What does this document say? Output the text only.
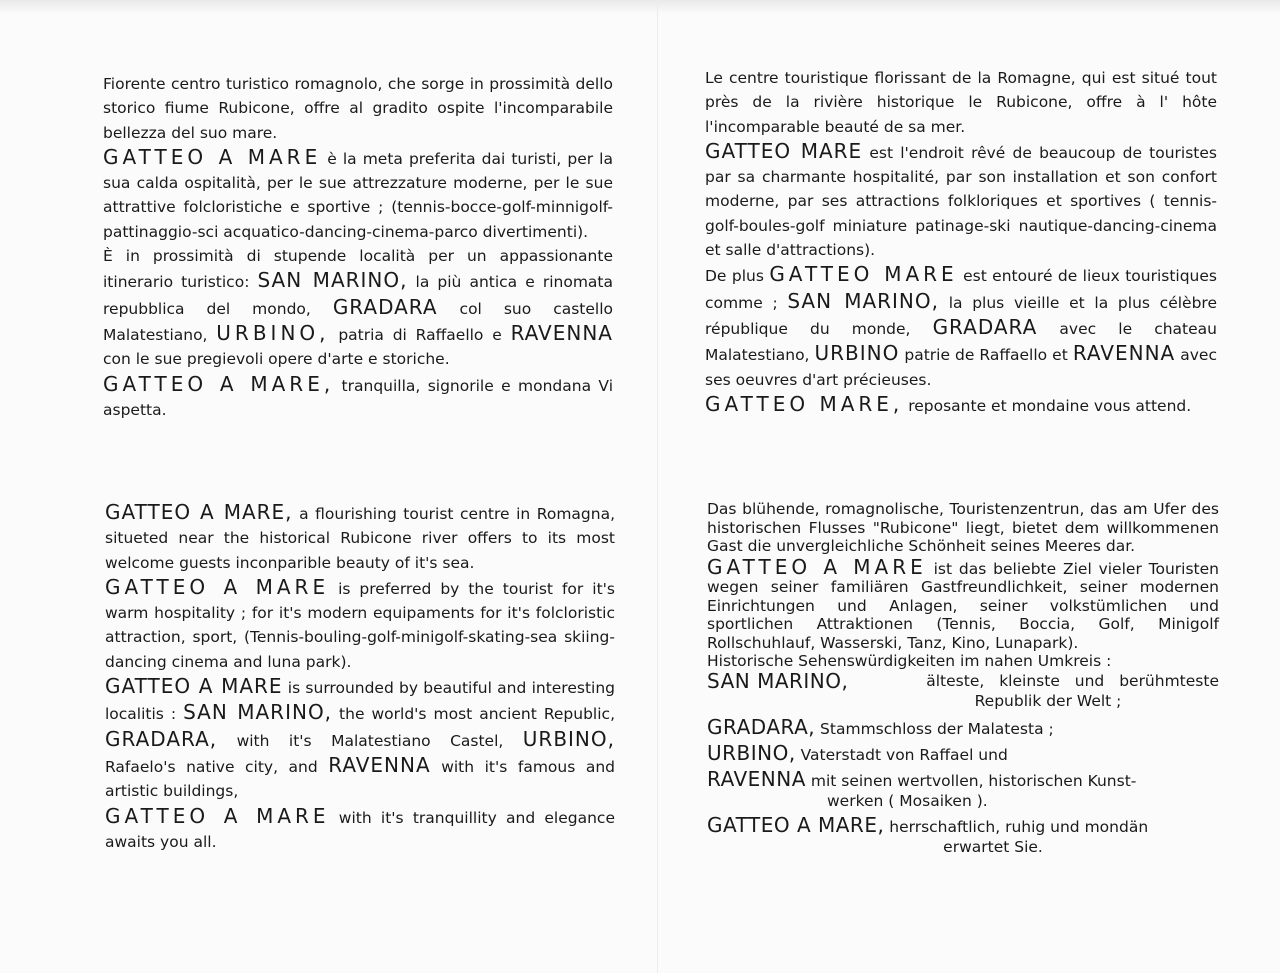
Fiorente centro turistico romagnolo, che sorge in prossimità dello storico fiume Rubicone, offre al gradito ospite l'incomparabile bellezza del suo mare.

GATTEO A MARE è la meta preferita dai turisti, per la sua calda ospitalità, per le sue attrezzature moderne, per le sue attrattive folcloristiche e sportive ; (tennis-bocce-golf-minnigolf-pattinaggio-sci acquatico-dancing-cinema-parco divertimenti).

È in prossimità di stupende località per un appassionante itinerario turistico: SAN MARINO, la più antica e rinomata repubblica del mondo, GRADARA col suo castello Malatestiano, URBINO, patria di Raffaello e RAVENNA con le sue pregievoli opere d'arte e storiche.

GATTEO A MARE, tranquilla, signorile e mondana Vi aspetta.

Le centre touristique florissant de la Romagne, qui est situé tout près de la rivière historique le Rubicone, offre à l' hôte l'incomparable beauté de sa mer.

GATTEO MARE est l'endroit rêvé de beaucoup de touristes par sa charmante hospitalité, par son installation et son confort moderne, par ses attractions folkloriques et sportives ( tennis-golf-boules-golf miniature patinage-ski nautique-dancing-cinema et salle d'attractions).

De plus GATTEO MARE est entouré de lieux touristiques comme ; SAN MARINO, la plus vieille et la plus célèbre république du monde, GRADARA avec le chateau Malatestiano, URBINO patrie de Raffaello et RAVENNA avec ses oeuvres d'art précieuses.

GATTEO MARE, reposante et mondaine vous attend.

GATTEO A MARE, a flourishing tourist centre in Romagna, situeted near the historical Rubicone river offers to its most welcome guests inconparible beauty of it's sea.

GATTEO A MARE is preferred by the tourist for it's warm hospitality ; for it's modern equipaments for it's folcloristic attraction, sport, (Tennis-bouling-golf-minigolf-skating-sea skiing-dancing cinema and luna park).

GATTEO A MARE is surrounded by beautiful and interesting localitis : SAN MARINO, the world's most ancient Republic, GRADARA, with it's Malatestiano Castel, URBINO, Rafaelo's native city, and RAVENNA with it's famous and artistic buildings,

GATTEO A MARE with it's tranquillity and elegance awaits you all.

Das blühende, romagnolische, Touristenzentrun, das am Ufer des historischen Flusses "Rubicone" liegt, bietet dem willkommenen Gast die unvergleichliche Schönheit seines Meeres dar.

GATTEO A MARE ist das beliebte Ziel vieler Touristen wegen seiner familiären Gastfreundlichkeit, seiner modernen Einrichtungen und Anlagen, seiner volkstümlichen und sportlichen Attraktionen (Tennis, Boccia, Golf, Minigolf Rollschuhlauf, Wasserski, Tanz, Kino, Lunapark).

Historische Sehenswürdigkeiten im nahen Umkreis :

SAN MARINO,	älteste, kleinste und berühmteste

Republik der Welt ;

GRADARA, Stammschloss der Malatesta ;

URBINO, Vaterstadt von Raffael und

RAVENNA mit seinen wertvollen, historischen Kunst-

werken ( Mosaiken ).

GATTEO A MARE, herrschaftlich, ruhig und mondän

erwartet Sie.
